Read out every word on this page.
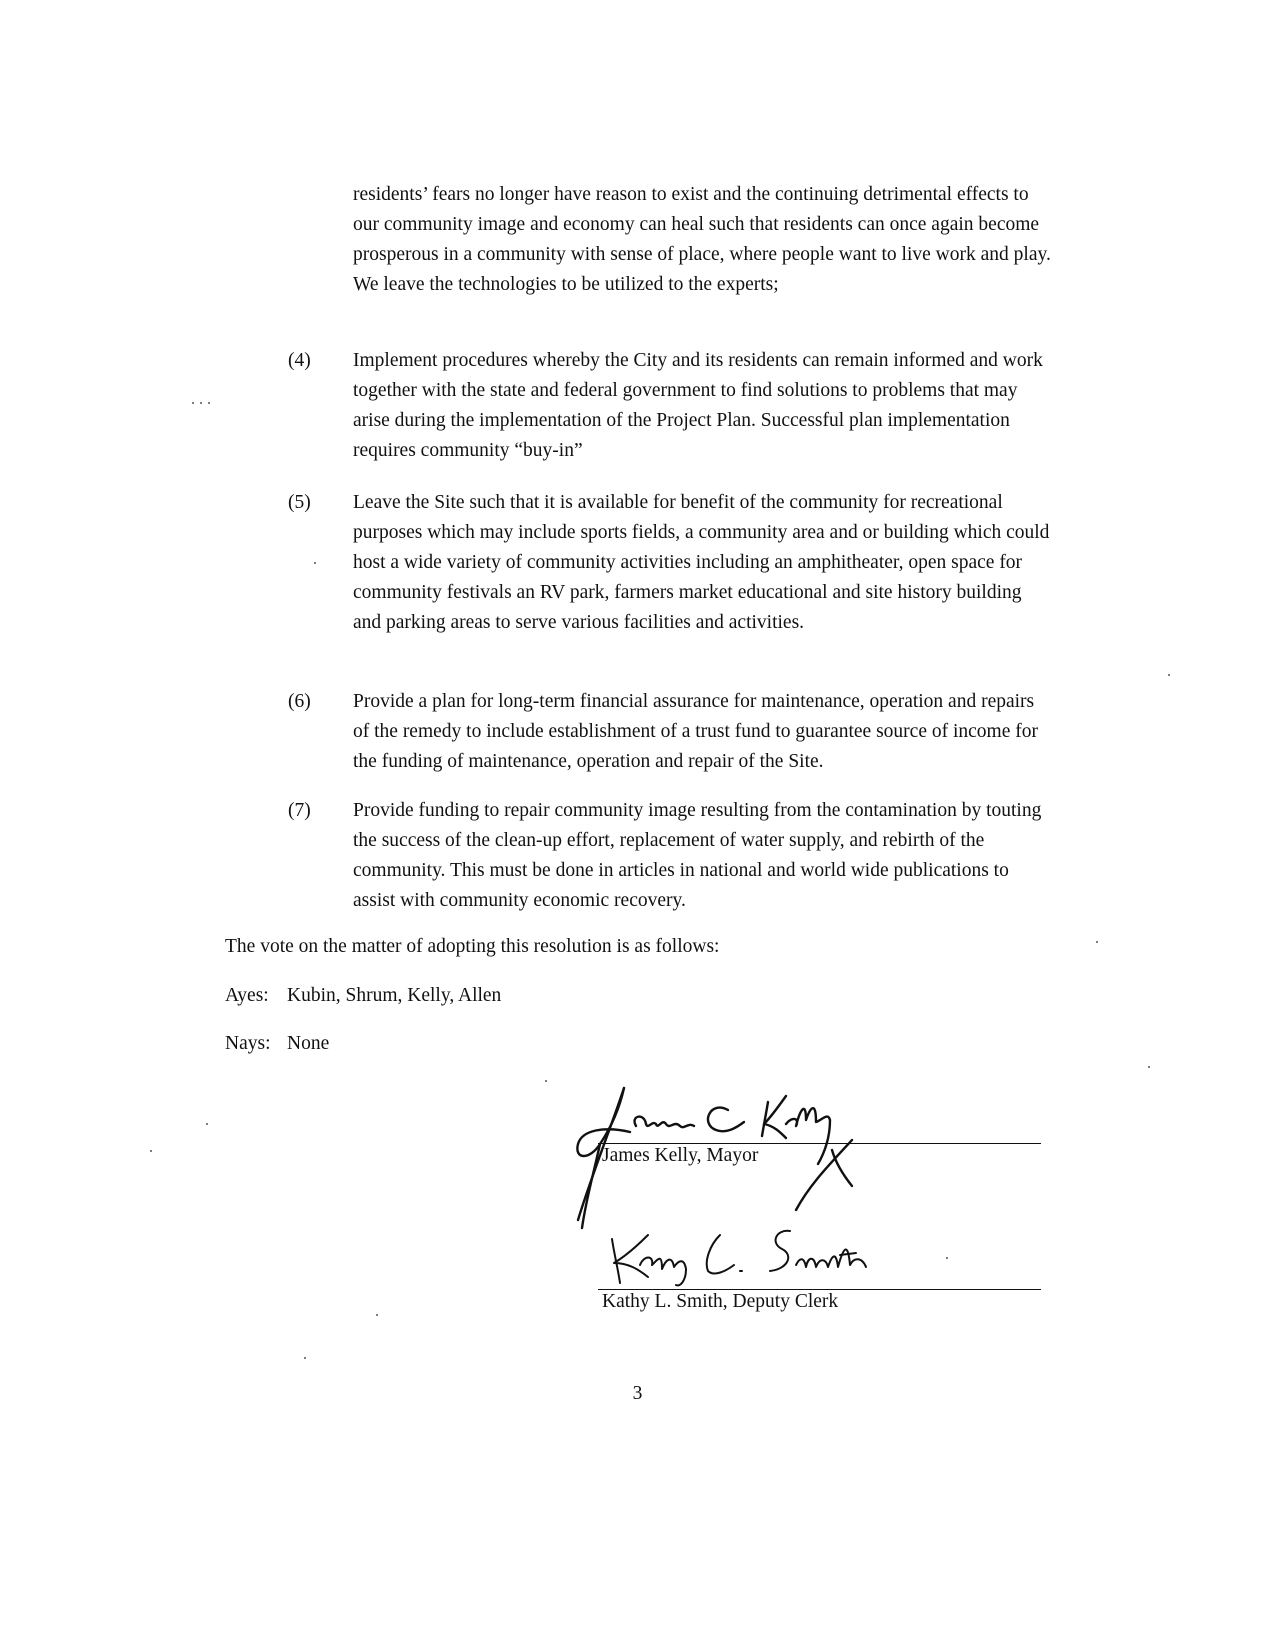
residents’ fears no longer have reason to exist and the continuing detrimental effects to our community image and economy can heal such that residents can once again become prosperous in a community with sense of place, where people want to live work and play. We leave the technologies to be utilized to the experts;

(4) Implement procedures whereby the City and its residents can remain informed and work together with the state and federal government to find solutions to problems that may arise during the implementation of the Project Plan. Successful plan implementation requires community “buy-in”

(5) Leave the Site such that it is available for benefit of the community for recreational purposes which may include sports fields, a community area and or building which could host a wide variety of community activities including an amphitheater, open space for community festivals an RV park, farmers market educational and site history building and parking areas to serve various facilities and activities.

(6) Provide a plan for long-term financial assurance for maintenance, operation and repairs of the remedy to include establishment of a trust fund to guarantee source of income for the funding of maintenance, operation and repair of the Site.

(7) Provide funding to repair community image resulting from the contamination by touting the success of the clean-up effort, replacement of water supply, and rebirth of the community. This must be done in articles in national and world wide publications to assist with community economic recovery.

The vote on the matter of adopting this resolution is as follows:
Ayes: Kubin, Shrum, Kelly, Allen
Nays: None
James Kelly, Mayor
Kathy L. Smith, Deputy Clerk
3
